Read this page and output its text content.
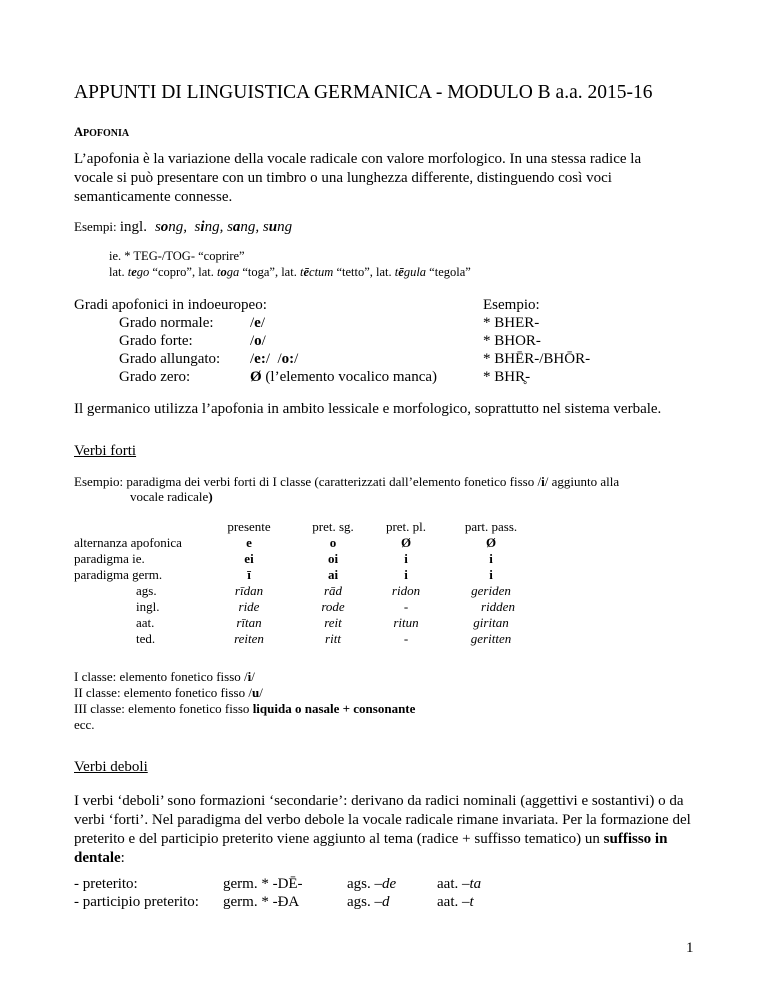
APPUNTI DI LINGUISTICA GERMANICA - MODULO B a.a. 2015-16
APOFONIA
L’apofonia è la variazione della vocale radicale con valore morfologico. In una stessa radice la vocale si può presentare con un timbro o una lunghezza differente, distinguendo così voci semanticamente connesse.
Esempi: ingl. song, sing, sang, sung
ie. * TEG-/TOG- “coprire”
lat. tego “copro”, lat. toga “toga”, lat. tēctum “tetto”, lat. tēgula “tegola”
Gradi apofonici in indoeuropeo:	Esempio:
Grado normale: /e/	* BHER-
Grado forte:	/o/	* BHOR-
Grado allungato: /e:/  /o:/	* BHĒR-/BHŌR-
Grado zero:	Ø (l’elemento vocalico manca)	* BHR̥-
Il germanico utilizza l’apofonia in ambito lessicale e morfologico, soprattutto nel sistema verbale.
Verbi forti
Esempio: paradigma dei verbi forti di I classe (caratterizzati dall’elemento fonetico fisso /i/ aggiunto alla
vocale radicale)
	presente	pret. sg.	pret. pl.	part. pass.
alternanza apofonica	e	o	Ø	Ø
paradigma ie.	ei	oi	i	i
paradigma germ.	ī	ai	i	i
ags.	rīdan	rād	ridon	geriden
ingl.	ride	rode	-	ridden
aat.	rītan	reit	ritun	giritan
ted.	reiten	ritt	-	geritten
I classe: elemento fonetico fisso /i/
II classe: elemento fonetico fisso /u/
III classe: elemento fonetico fisso liquida o nasale + consonante
ecc.
Verbi deboli
I verbi ‘deboli’ sono formazioni ‘secondarie’: derivano da radici nominali (aggettivi e sostantivi) o da verbi ‘forti’. Nel paradigma del verbo debole la vocale radicale rimane invariata. Per la formazione del preterito e del participio preterito viene aggiunto al tema (radice + suffisso tematico) un suffisso in dentale:
- preterito:	germ. * -DĒ-	ags. –de	aat. –ta
- participio preterito: germ. * -ÐA	ags. –d	aat. –t
1
